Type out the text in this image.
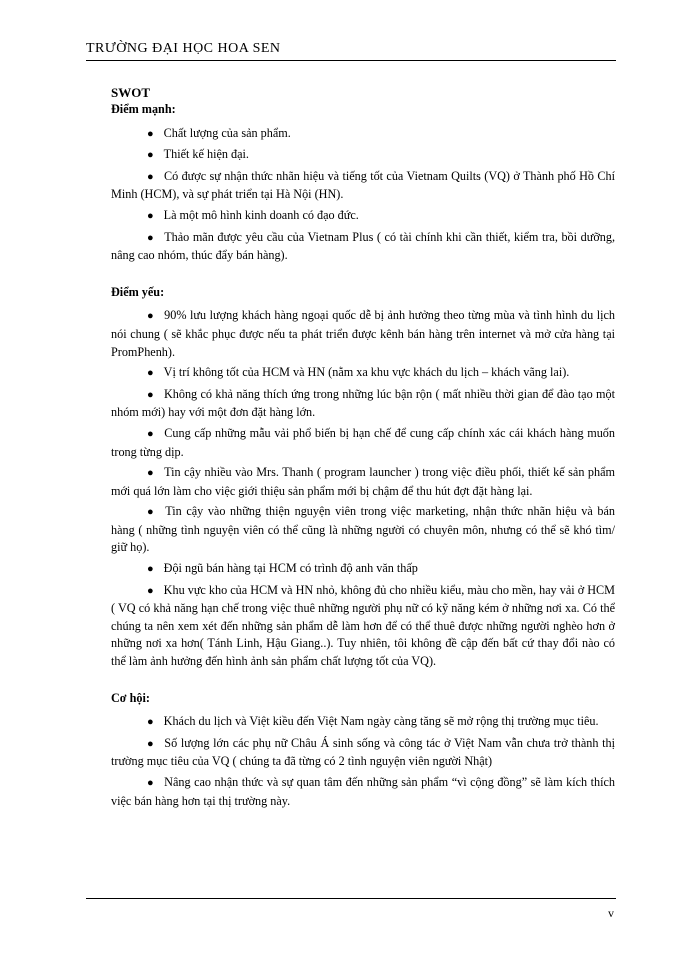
TRƯỜNG ĐẠI HỌC HOA SEN

SWOT

Điểm mạnh:

● Chất lượng của sản phẩm.

● Thiết kế hiện đại.

● Có được sự nhận thức nhãn hiệu và tiếng tốt của Vietnam Quilts (VQ) ở Thành phố Hồ Chí Minh (HCM), và sự phát triển tại Hà Nội (HN).

● Là một mô hình kinh doanh có đạo đức.

● Thảo mãn được yêu cầu của Vietnam Plus ( có tài chính khi cần thiết, kiểm tra, bồi dưỡng, nâng cao nhóm, thúc đẩy bán hàng).

Điểm yếu:

● 90% lưu lượng khách hàng ngoại quốc dễ bị ảnh hưởng theo từng mùa và tình hình du lịch nói chung ( sẽ khắc phục được nếu ta phát triển được kênh bán hàng trên internet và mở cửa hàng tại PromPhenh).

● Vị trí không tốt của HCM và HN (nằm xa khu vực khách du lịch – khách vãng lai).

● Không có khả năng thích ứng trong những lúc bận rộn ( mất nhiều thời gian để đào tạo một nhóm mới) hay với một đơn đặt hàng lớn.

● Cung cấp những mẫu vải phổ biến bị hạn chế để cung cấp chính xác cái khách hàng muốn trong từng dịp.

● Tin cậy nhiều vào Mrs. Thanh ( program launcher ) trong việc điều phối, thiết kế sản phẩm mới quá lớn làm cho việc giới thiệu sản phẩm mới bị chậm để thu hút đợt đặt hàng lại.

● Tin cậy vào những thiện nguyện viên trong việc marketing, nhận thức nhãn hiệu và bán hàng ( những tình nguyện viên có thể cũng là những người có chuyên môn, nhưng có thể sẽ khó tìm/ giữ họ).

● Đội ngũ bán hàng tại HCM có trình độ anh văn thấp

● Khu vực kho của HCM và HN nhỏ, không đủ cho nhiều kiểu, màu cho mền, hay vải ở HCM ( VQ có khả năng hạn chế trong việc thuê những người phụ nữ có kỹ năng kém ở những nơi xa. Có thể chúng ta nên xem xét đến những sản phẩm dễ làm hơn để có thể thuê được những người nghèo hơn ở những nơi xa hơn( Tánh Linh, Hậu Giang..). Tuy nhiên, tôi không đề cập đến bất cứ thay đổi nào có thể làm ảnh hưởng đến hình ảnh sản phẩm chất lượng tốt của VQ).

Cơ hội:

● Khách du lịch và Việt kiều đến Việt Nam ngày càng tăng sẽ mở rộng thị trường mục tiêu.

● Số lượng lớn các phụ nữ Châu Á sinh sống và công tác ở Việt Nam vẫn chưa trở thành thị trường mục tiêu của VQ ( chúng ta đã từng có 2 tình nguyện viên người Nhật)

● Nâng cao nhận thức và sự quan tâm đến những sản phẩm “vì cộng đồng” sẽ làm kích thích việc bán hàng hơn tại thị trường này.

v
